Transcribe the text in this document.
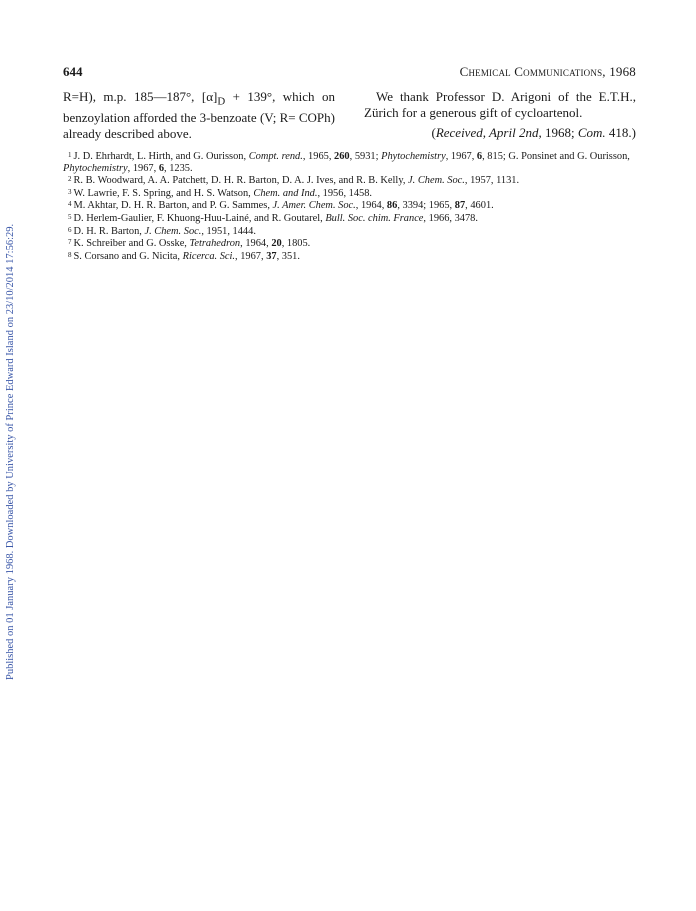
Published on 01 January 1968. Downloaded by University of Prince Edward Island on 23/10/2014 17:56:29.
644	Chemical Communications, 1968
R=H), m.p. 185—187°, $[\alpha]_D + 139^\circ$, which on benzoylation afforded the 3-benzoate (V; R= COPh) already described above.

We thank Professor D. Arigoni of the E.T.H., Zürich for a generous gift of cycloartenol.

(Received, April 2nd, 1968; Com. 418.)

$^1$ J. D. Ehrhardt, L. Hirth, and G. Ourisson, Compt. rend., 1965, 260, 5931; Phytochemistry, 1967, 6, 815; G. Ponsinet and G. Ourisson, Phytochemistry, 1967, 6, 1235.

$^2$ R. B. Woodward, A. A. Patchett, D. H. R. Barton, D. A. J. Ives, and R. B. Kelly, J. Chem. Soc., 1957, 1131.

$^3$ W. Lawrie, F. S. Spring, and H. S. Watson, Chem. and Ind., 1956, 1458.

$^4$ M. Akhtar, D. H. R. Barton, and P. G. Sammes, J. Amer. Chem. Soc., 1964, 86, 3394; 1965, 87, 4601.

$^5$ D. Herlem-Gaulier, F. Khuong-Huu-Lainé, and R. Goutarel, Bull. Soc. chim. France, 1966, 3478.

$^6$ D. H. R. Barton, J. Chem. Soc., 1951, 1444.

$^7$ K. Schreiber and G. Osske, Tetrahedron, 1964, 20, 1805.

$^8$ S. Corsano and G. Nicita, Ricerca. Sci., 1967, 37, 351.
